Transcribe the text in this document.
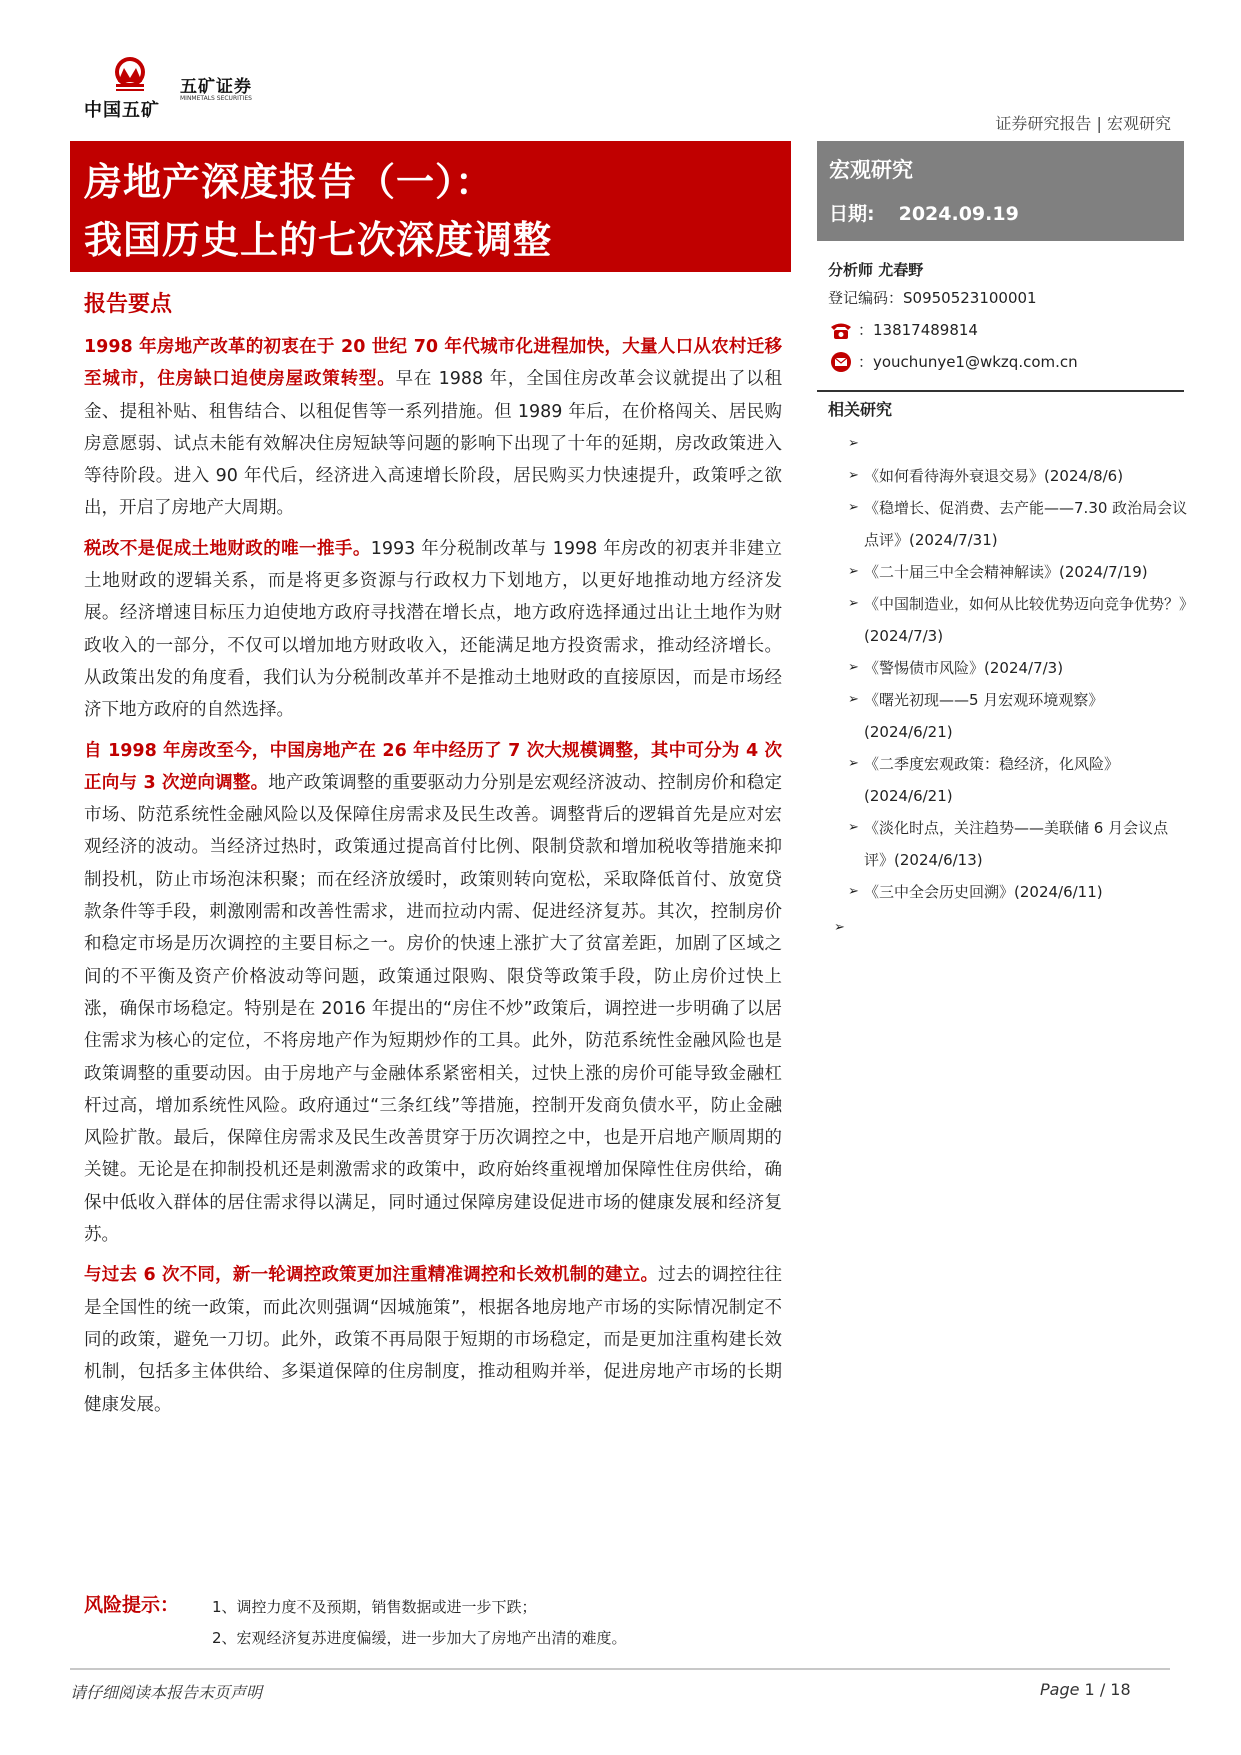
中国五矿
五矿证券
MINMETALS SECURITIES
证券研究报告 | 宏观研究
房地产深度报告（一）：
我国历史上的七次深度调整
宏观研究
日期: 2024.09.19
分析师 尤春野
登记编码：S0950523100001
：13817489814
：youchunye1@wkzq.com.cn
相关研究
➢
➢ 《如何看待海外衰退交易》(2024/8/6)
➢ 《稳增长、促消费、去产能——7.30 政治局会议点评》(2024/7/31)
➢ 《二十届三中全会精神解读》(2024/7/19)
➢ 《中国制造业，如何从比较优势迈向竞争优势？》(2024/7/3)
➢ 《警惕债市风险》(2024/7/3)
➢ 《曙光初现——5 月宏观环境观察》(2024/6/21)
➢ 《二季度宏观政策：稳经济，化风险》(2024/6/21)
➢ 《淡化时点，关注趋势——美联储 6 月会议点评》(2024/6/13)
➢ 《三中全会历史回溯》(2024/6/11)
➢
报告要点

1998 年房地产改革的初衷在于 20 世纪 70 年代城市化进程加快，大量人口从农村迁移至城市，住房缺口迫使房屋政策转型。早在 1988 年，全国住房改革会议就提出了以租金、提租补贴、租售结合、以租促售等一系列措施。但 1989 年后，在价格闯关、居民购房意愿弱、试点未能有效解决住房短缺等问题的影响下出现了十年的延期，房改政策进入等待阶段。进入 90 年代后，经济进入高速增长阶段，居民购买力快速提升，政策呼之欲出，开启了房地产大周期。

税改不是促成土地财政的唯一推手。1993 年分税制改革与 1998 年房改的初衷并非建立土地财政的逻辑关系，而是将更多资源与行政权力下划地方，以更好地推动地方经济发展。经济增速目标压力迫使地方政府寻找潜在增长点，地方政府选择通过出让土地作为财政收入的一部分，不仅可以增加地方财政收入，还能满足地方投资需求，推动经济增长。从政策出发的角度看，我们认为分税制改革并不是推动土地财政的直接原因，而是市场经济下地方政府的自然选择。

自 1998 年房改至今，中国房地产在 26 年中经历了 7 次大规模调整，其中可分为 4 次正向与 3 次逆向调整。地产政策调整的重要驱动力分别是宏观经济波动、控制房价和稳定市场、防范系统性金融风险以及保障住房需求及民生改善。调整背后的逻辑首先是应对宏观经济的波动。当经济过热时，政策通过提高首付比例、限制贷款和增加税收等措施来抑制投机，防止市场泡沫积聚；而在经济放缓时，政策则转向宽松，采取降低首付、放宽贷款条件等手段，刺激刚需和改善性需求，进而拉动内需、促进经济复苏。其次，控制房价和稳定市场是历次调控的主要目标之一。房价的快速上涨扩大了贫富差距，加剧了区域之间的不平衡及资产价格波动等问题，政策通过限购、限贷等政策手段，防止房价过快上涨，确保市场稳定。特别是在 2016 年提出的“房住不炒”政策后，调控进一步明确了以居住需求为核心的定位，不将房地产作为短期炒作的工具。此外，防范系统性金融风险也是政策调整的重要动因。由于房地产与金融体系紧密相关，过快上涨的房价可能导致金融杠杆过高，增加系统性风险。政府通过“三条红线”等措施，控制开发商负债水平，防止金融风险扩散。最后，保障住房需求及民生改善贯穿于历次调控之中，也是开启地产顺周期的关键。无论是在抑制投机还是刺激需求的政策中，政府始终重视增加保障性住房供给，确保中低收入群体的居住需求得以满足，同时通过保障房建设促进市场的健康发展和经济复苏。

与过去 6 次不同，新一轮调控政策更加注重精准调控和长效机制的建立。过去的调控往往是全国性的统一政策，而此次则强调“因城施策”，根据各地房地产市场的实际情况制定不同的政策，避免一刀切。此外，政策不再局限于短期的市场稳定，而是更加注重构建长效机制，包括多主体供给、多渠道保障的住房制度，推动租购并举，促进房地产市场的长期健康发展。

风险提示： 1、调控力度不及预期，销售数据或进一步下跌；
2、宏观经济复苏进度偏缓，进一步加大了房地产出清的难度。
请仔细阅读本报告末页声明	Page 1 / 18
